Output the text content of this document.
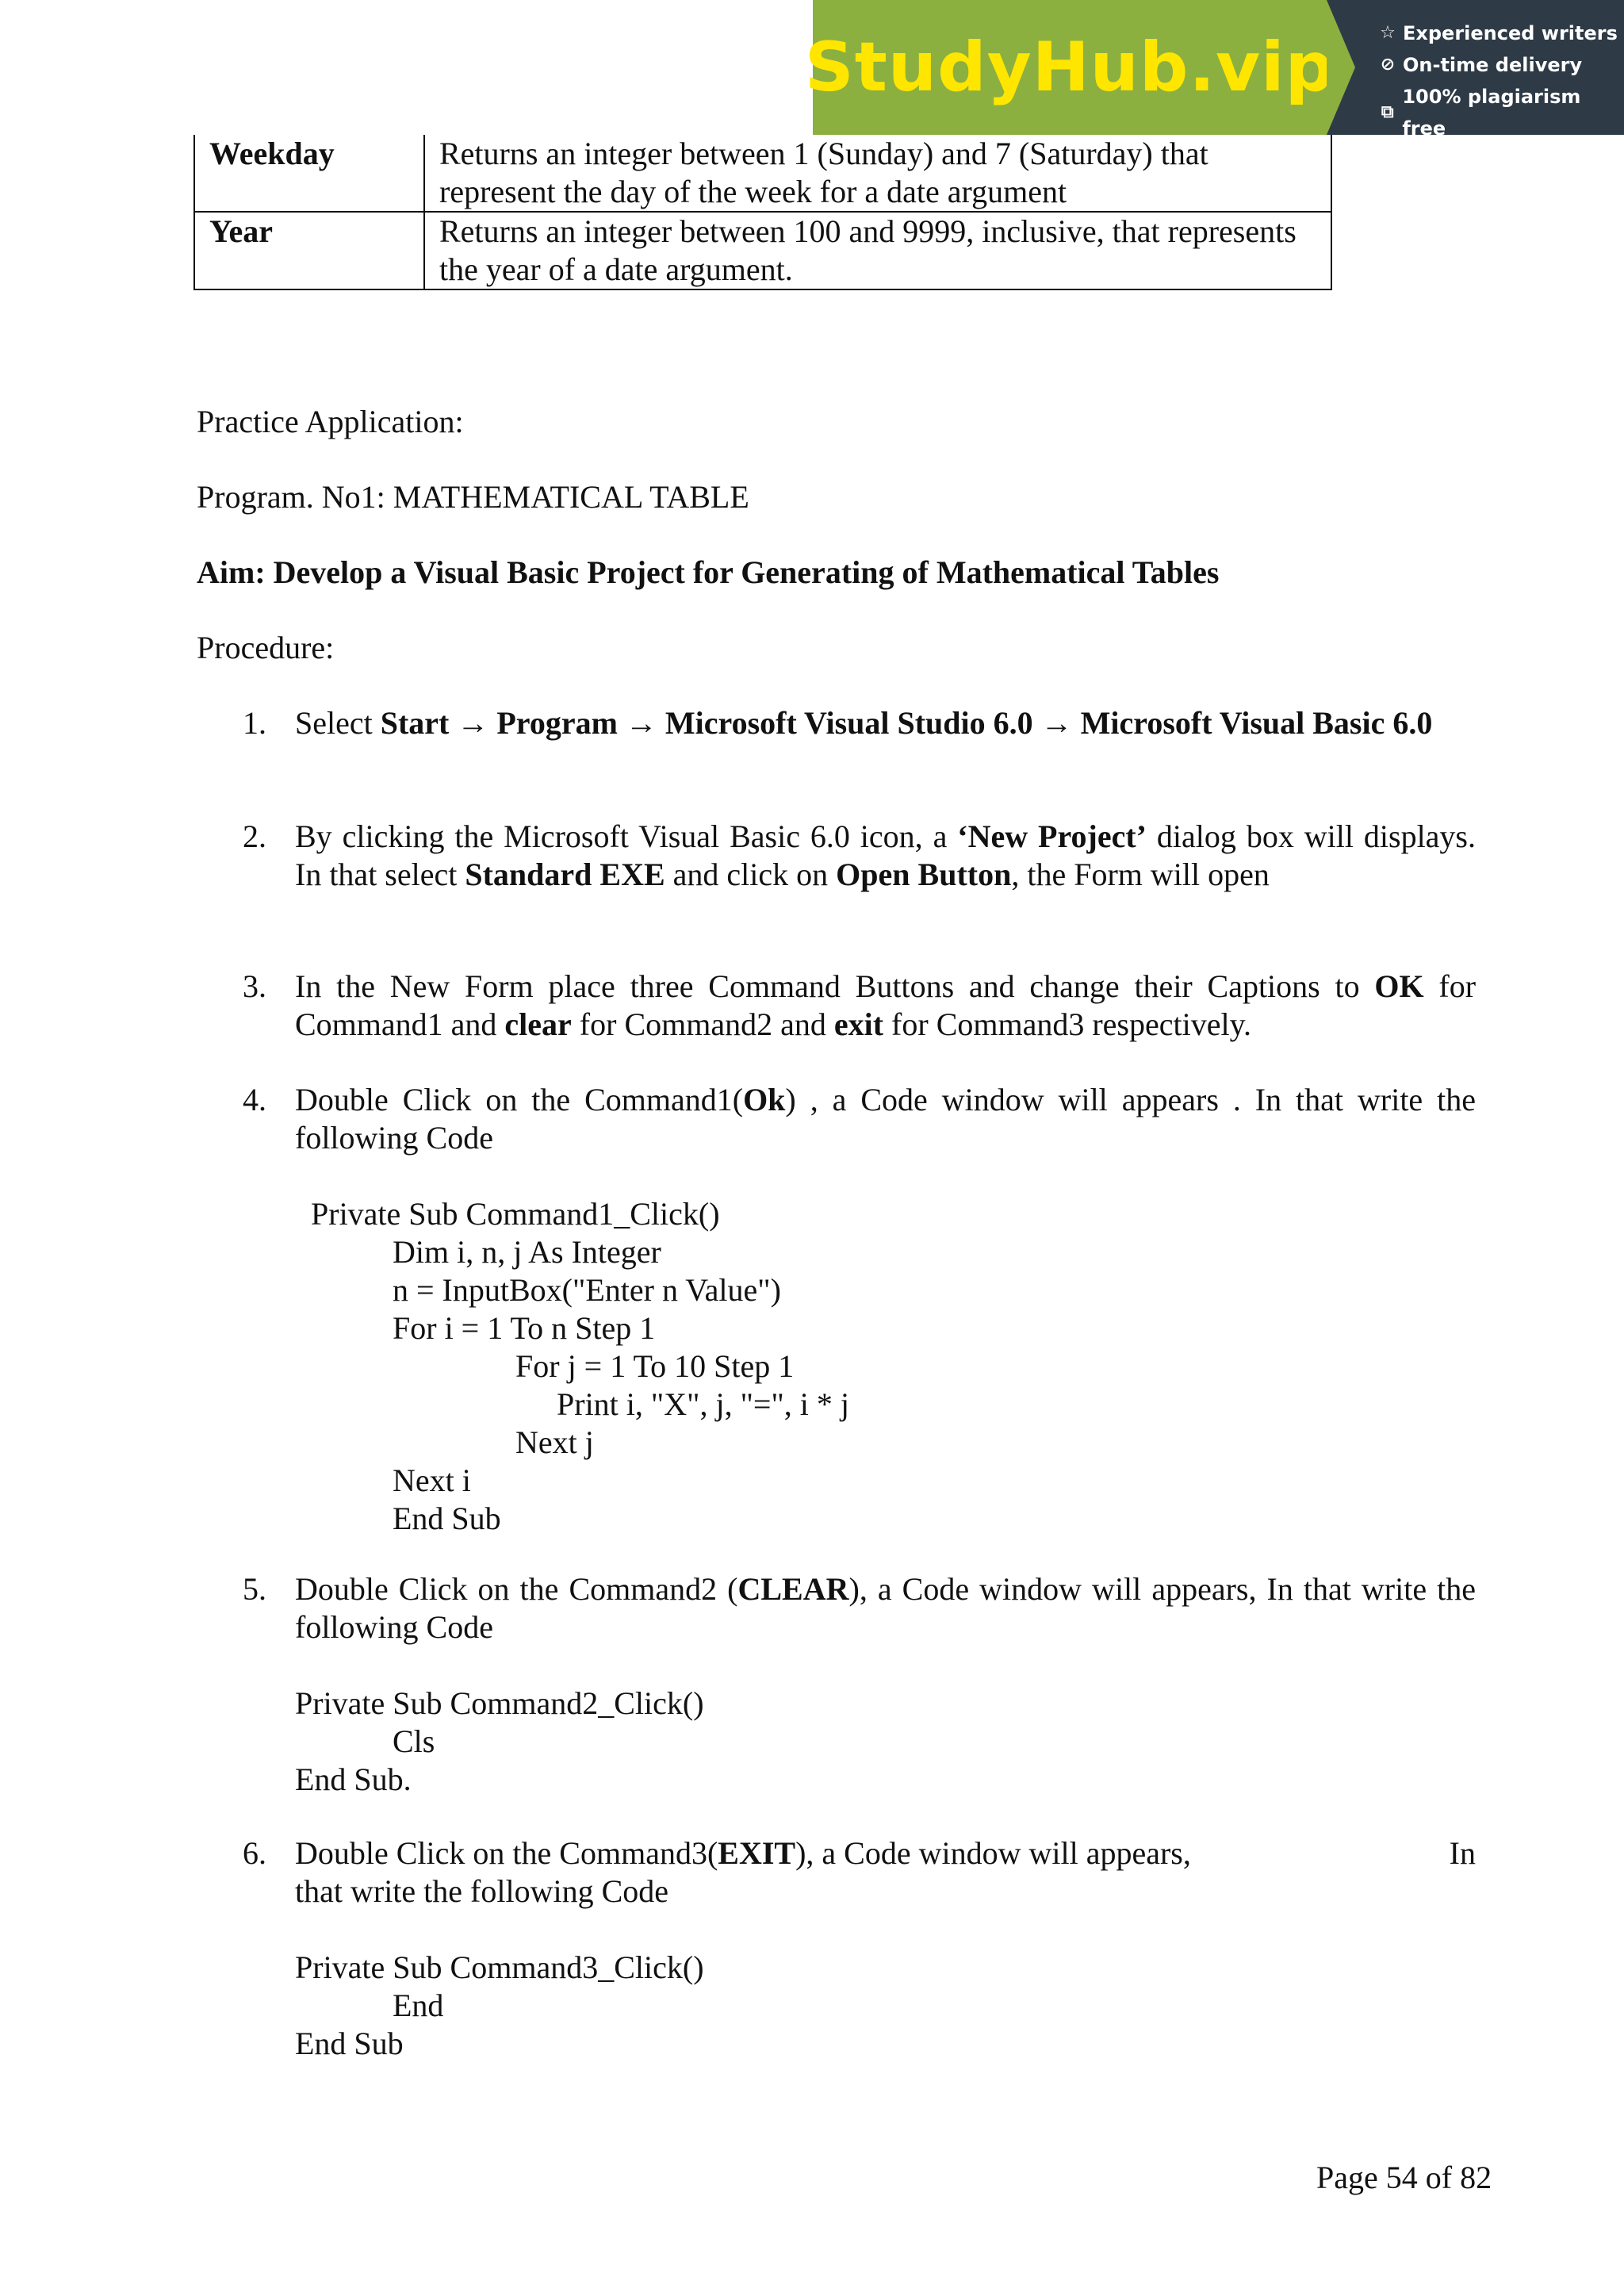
StudyHub.vip	☆ Experienced writers
⊘ On-time delivery
⧉
100% plagiarism free
Weekday	Returns an integer between 1 (Sunday) and 7 (Saturday) that represent the day of the week for a date argument
Year	Returns an integer between 100 and 9999, inclusive, that represents the year of a date argument.
Practice Application:
Program. No1: MATHEMATICAL TABLE
Aim: Develop a Visual Basic Project for Generating of Mathematical Tables
Procedure:
1. Select Start → Program → Microsoft Visual Studio 6.0 → Microsoft Visual Basic 6.0
2. By clicking the Microsoft Visual Basic 6.0 icon, a ‘New Project’ dialog box will displays. In that select Standard EXE and click on Open Button, the Form will open
3. In the New Form place three Command Buttons and change their Captions to OK for Command1 and clear for Command2 and exit for Command3 respectively.
4. Double Click on the Command1(Ok) , a Code window will appears . In that write the following Code
5. Double Click on the Command2 (CLEAR), a Code window will appears, In that write the following Code
6. Double Click on the Command3(EXIT), a Code window will appears,	In
that write the following Code
Private Sub Command1_Click()
Dim i, n, j As Integer
n = InputBox("Enter n Value")
For i = 1 To n Step 1
For j = 1 To 10 Step 1
Print i, "X", j, "=", i * j
Next j
Next i
End Sub
Private Sub Command2_Click()
Cls
End Sub.
Private Sub Command3_Click()
End
End Sub
Page 54 of 82
